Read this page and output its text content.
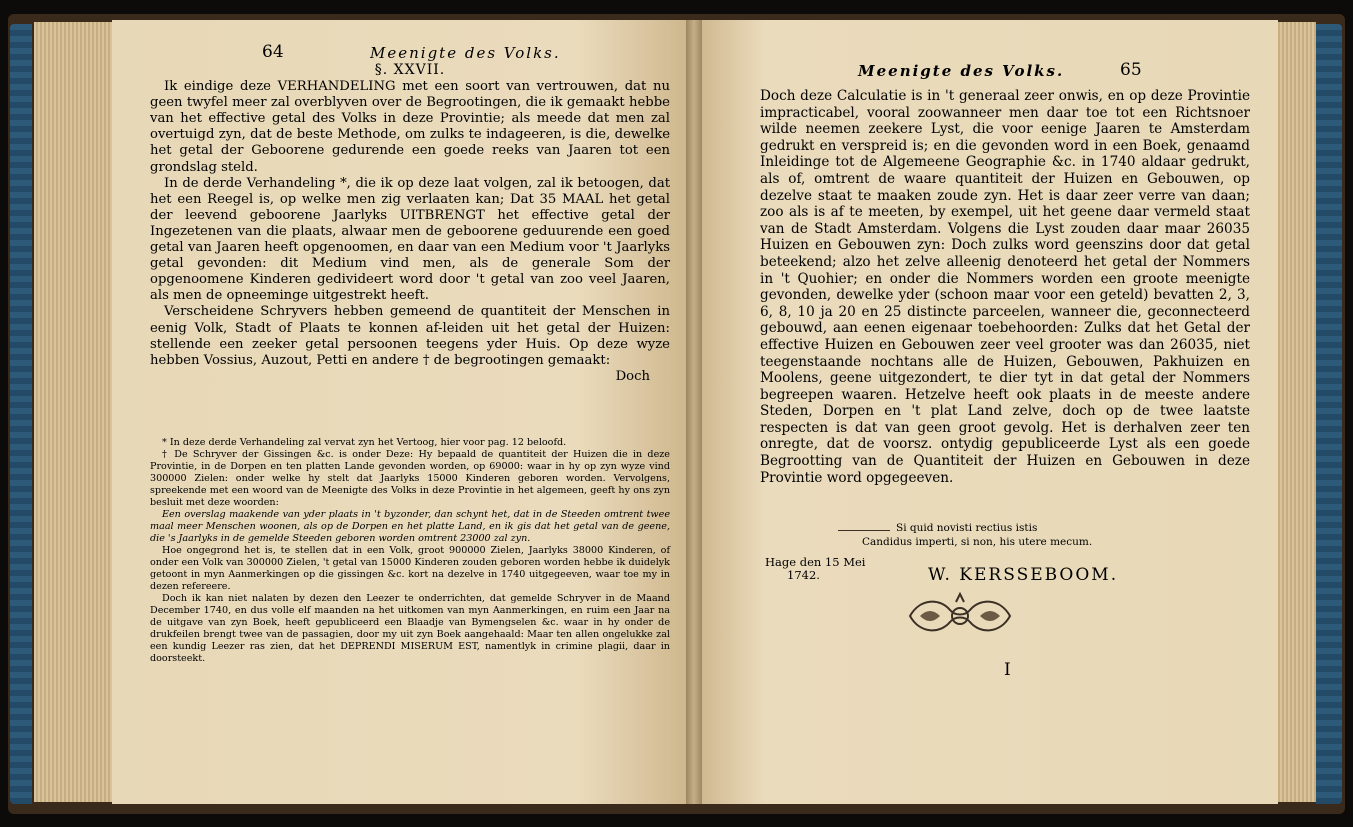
64	Meenigte des Volks.
§. XXVII.

Ik eindige deze VERHANDELING met een soort van vertrouwen, dat nu geen twyfel meer zal overblyven over de Begrootingen, die ik gemaakt hebbe van het effective getal des Volks in deze Provintie; als meede dat men zal overtuigd zyn, dat de beste Methode, om zulks te indageeren, is die, dewelke het getal der Geboorene gedurende een goede reeks van Jaaren tot een grondslag steld.

In de derde Verhandeling *, die ik op deze laat volgen, zal ik betoogen, dat het een Reegel is, op welke men zig verlaaten kan; Dat 35 MAAL het getal der leevend geboorene Jaarlyks UITBRENGT het effective getal der Ingezetenen van die plaats, alwaar men de geboorene geduurende een goed getal van Jaaren heeft opgenoomen, en daar van een Medium voor 't Jaarlyks getal gevonden: dit Medium vind men, als de generale Som der opgenoomene Kinderen gedivideert word door 't getal van zoo veel Jaaren, als men de opneeminge uitgestrekt heeft.

Verscheidene Schryvers hebben gemeend de quantiteit der Menschen in eenig Volk, Stadt of Plaats te konnen af-leiden uit het getal der Huizen: stellende een zeeker getal persoonen teegens yder Huis. Op deze wyze hebben Vossius, Auzout, Petti en andere † de begrootingen gemaakt:

Doch

* In deze derde Verhandeling zal vervat zyn het Vertoog, hier voor pag. 12 beloofd.

† De Schryver der Gissingen &c. is onder Deze: Hy bepaald de quantiteit der Huizen die in deze Provintie, in de Dorpen en ten platten Lande gevonden worden, op 69000: waar in hy op zyn wyze vind 300000 Zielen: onder welke hy stelt dat Jaarlyks 15000 Kinderen geboren worden. Vervolgens, spreekende met een woord van de Meenigte des Volks in deze Provintie in het algemeen, geeft hy ons zyn besluit met deze woorden:

Een overslag maakende van yder plaats in 't byzonder, dan schynt het, dat in de Steeden omtrent twee maal meer Menschen woonen, als op de Dorpen en het platte Land, en ik gis dat het getal van de geene, die 's Jaarlyks in de gemelde Steeden geboren worden omtrent 23000 zal zyn.

Hoe ongegrond het is, te stellen dat in een Volk, groot 900000 Zielen, Jaarlyks 38000 Kinderen, of onder een Volk van 300000 Zielen, 't getal van 15000 Kinderen zouden geboren worden hebbe ik duidelyk getoont in myn Aanmerkingen op die gissingen &c. kort na dezelve in 1740 uitgegeeven, waar toe my in dezen refereere.

Doch ik kan niet nalaten by dezen den Leezer te onderrichten, dat gemelde Schryver in de Maand December 1740, en dus volle elf maanden na het uitkomen van myn Aanmerkingen, en ruim een Jaar na de uitgave van zyn Boek, heeft gepubliceerd een Blaadje van Bymengselen &c. waar in hy onder de drukfeilen brengt twee van de passagien, door my uit zyn Boek aangehaald: Maar ten allen ongelukke zal een kundig Leezer ras zien, dat het DEPRENDI MISERUM EST, namentlyk in crimine plagii, daar in doorsteekt.

Meenigte des Volks.	65

Doch deze Calculatie is in 't generaal zeer onwis, en op deze Provintie impracticabel, vooral zoowanneer men daar toe tot een Richtsnoer wilde neemen zeekere Lyst, die voor eenige Jaaren te Amsterdam gedrukt en verspreid is; en die gevonden word in een Boek, genaamd Inleidinge tot de Algemeene Geographie &c. in 1740 aldaar gedrukt, als of, omtrent de waare quantiteit der Huizen en Gebouwen, op dezelve staat te maaken zoude zyn. Het is daar zeer verre van daan; zoo als is af te meeten, by exempel, uit het geene daar vermeld staat van de Stadt Amsterdam. Volgens die Lyst zouden daar maar 26035 Huizen en Gebouwen zyn: Doch zulks word geenszins door dat getal beteekend; alzo het zelve alleenig denoteerd het getal der Nommers in 't Quohier; en onder die Nommers worden een groote meenigte gevonden, dewelke yder (schoon maar voor een geteld) bevatten 2, 3, 6, 8, 10 ja 20 en 25 distincte parceelen, wanneer die, geconnecteerd gebouwd, aan eenen eigenaar toebehoorden: Zulks dat het Getal der effective Huizen en Gebouwen zeer veel grooter was dan 26035, niet teegenstaande nochtans alle de Huizen, Gebouwen, Pakhuizen en Moolens, geene uitgezondert, te dier tyt in dat getal der Nommers begreepen waaren. Hetzelve heeft ook plaats in de meeste andere Steden, Dorpen en 't plat Land zelve, doch op de twee laatste respecten is dat van geen groot gevolg. Het is derhalven zeer ten onregte, dat de voorsz. ontydig gepubliceerde Lyst als een goede Begrootting van de Quantiteit der Huizen en Gebouwen in deze Provintie word opgegeeven.

Si quid novisti rectius istis
Candidus imperti, si non, his utere mecum.
Hage den 15 Mei
1742.	W. KERSSEBOOM.
I
